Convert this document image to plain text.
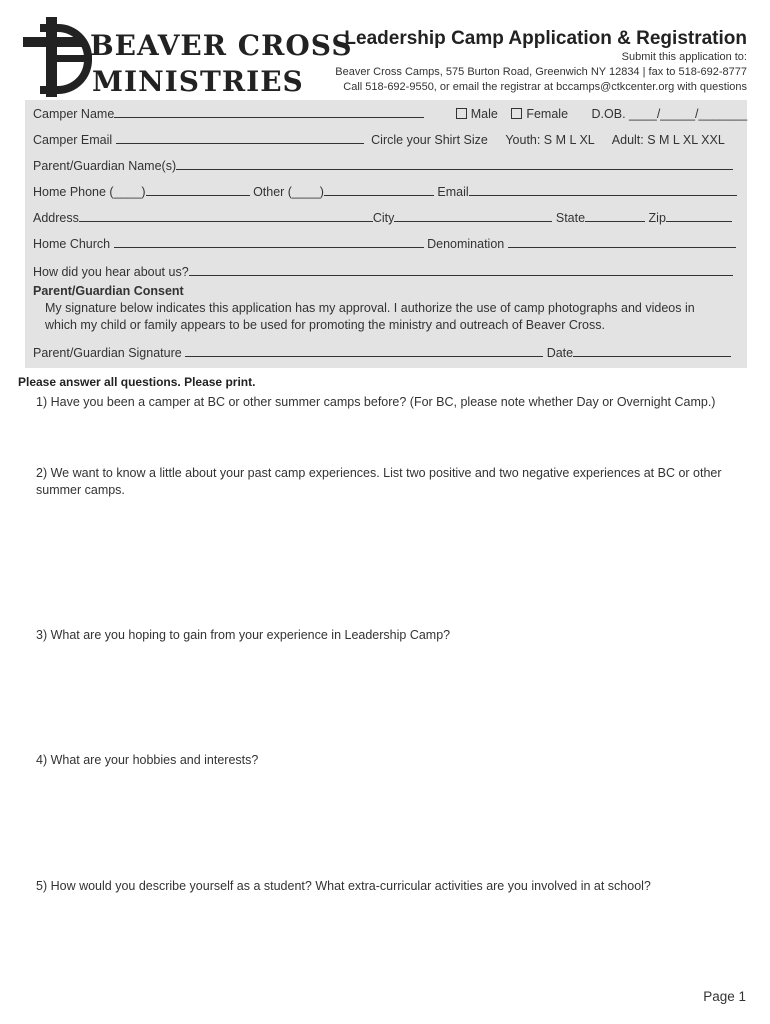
BEAVER CROSS
MINISTRIES
Leadership Camp Application & Registration
Submit this application to:
Beaver Cross Camps, 575 Burton Road, Greenwich NY 12834 | fax to 518-692-8777
Call 518-692-9550, or email the registrar at bccamps@ctkcenter.org with questions
Camper Name	Male Female D.OB. ____/_____/_______
Camper Email	Circle your Shirt Size Youth: S M L XL Adult: S M L XL XXL
Parent/Guardian Name(s)
Home Phone (____)	Other (____)	Email
Address	City	State	Zip
Home Church	Denomination
How did you hear about us?
Parent/Guardian Consent
My signature below indicates this application has my approval. I authorize the use of camp photographs and videos in which my child or family appears to be used for promoting the ministry and outreach of Beaver Cross.
Parent/Guardian Signature	Date
Please answer all questions. Please print.
1) Have you been a camper at BC or other summer camps before? (For BC, please note whether Day or Overnight Camp.)
2) We want to know a little about your past camp experiences. List two positive and two negative experiences at BC or other summer camps.
3) What are you hoping to gain from your experience in Leadership Camp?
4) What are your hobbies and interests?
5) How would you describe yourself as a student? What extra-curricular activities are you involved in at school?
Page 1
